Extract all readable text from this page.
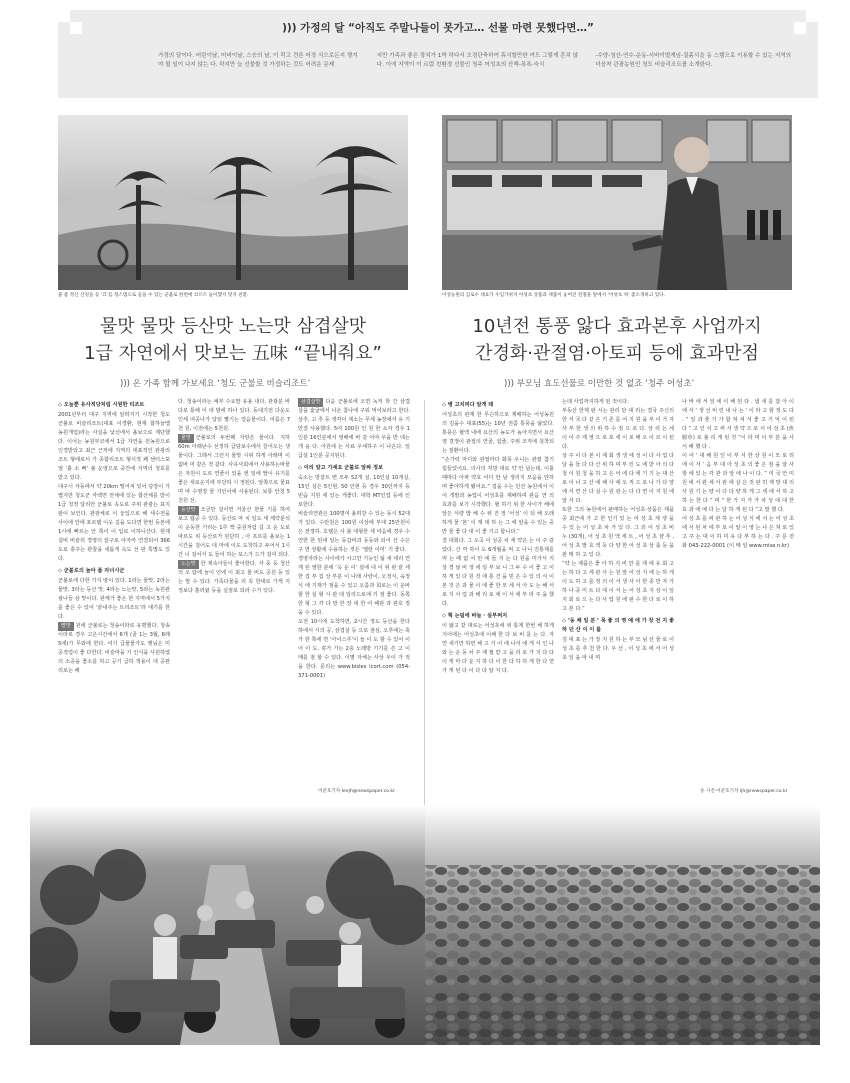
))) 가정의 달 “아직도 주말나들이 못가고… 선물 마련 못했다면…”
가정의 달이다. 어린이날, 어버이날, 스승의 날, 이 럭고 견론 어정 식으로든지 챙겨야 될 일이 나지 않는 다. 하지만 늘 선물할 것 가정하는 것도 어려운 문제
지만 가족과 좋은 장치가 1박 하다서 오정단축하여 휴식할만한 여도 그렇게 흔치 않다. 이에 지역이 이 르렀 친환경 선물인 청주 어성초의 산책-폭폭-숙식
-수양-청산-연수-운동-서바이벌게임-질흙식을 동 스템으로 이용할 수 있는 지역의 더음착 관광농원인 청도 비슬리조트를 소개한다.
물 좋 정산 산길을 등 ‘끄’를 청스템으로 들을 수 있는 군불로 한번에 코르트 놀이했지 멋지 친환.
물맛 물맛 등산맛 노는맛 삼겹살맛
1급 자연에서 맛보는 五味 “끝내줘요”
))) 온 가족 함께 가보세요 ‘청도 군불로 비슬리조트’
◇ 오늘뿐 유사적당처럼 시원한 리조트

2001년부터 대구 지역에 알려지기 시작한 청도 군불로 비슬리조트(대표 이경환, 현재 합하늘맵 농원개업)라는 사실을 낯선에서 올보으로 계단했다. 이어는 농원부코에서 1급 자연을 원농원으로 인경받았고 최근 근처에 지역의 대표적인 관광리조트 형태로서 가 종합리조트 형식적 쾌 센터스포엄 ‘흙 소 빠’ 불 운영으로 중간에 지역의 청호를 받고 있다.

대구시 자동에서 약 20km 떨어져 있어 당장이 가볍지만 청도군 자백면 전체에 있는 합산체를 받이 1급 청정 달리안 군불로 속도로 주위 관광는 표지판이 보인다. 관광체로 이 놓입으로 해 세수전을 사이에 안에 포르템 이웃 길을 도다면 한번 등본에 1시에 빠르는 안 쪽이 이 입로 이하니산다. 현재 설비 비슬리 경영의 끝구로 야자마 연결되어 366도로 충주는 관찰을 새롭게 속도 선 판 특별도 있다.

◇ 군불로의 놀아 품 자녀시군

군불로에 다한 가지 땅이 있다. 1라는 물맛, 2라는 물맛, 3라는 등산 맛, 4라는 노는맛, 5라는 녹원관광나들 삼 맛이다. 관계가 좋은 한 지역에서 5가지를 좋은 수 있어 ‘끝내주는 트리조트’라 얘기를 한다.

별맛 원에 군불로는 청송이라로 유명했다. 청송이라로 경우 고온시간에서 6개 (골 1는 3월, 6래 5에)가 무와에 한다. 여기 급물물가도 햇님은 미공적업이 좋 다한다. 비슬마을 기 인식을 사원하였의 소중을 좋소를 하고 공기 급하 적용이 대 공관리로는 해

다. 청송이라는 예부 수요말 유용 내다. 관광분 바다로 통해 이 대 밤에 하나 있다. 동대기전 다운도 인세 여공나가 달읽 빨기는 얼음물이다. 여름은 7천 원, 이전에는 5천원.

물맛 군불로의 두번째 자랑은 물이다. 지하 60m 아래낟수 선정하 급담보수에서 끌어오는 생물이다. 그래서 그런지 물맛 시위 하게 아래며 이 없바 미 같은 것 같다. 사유사회에서 사용하는바물은 자원이 도르 연줄이 있을 엔 일에 딸이 유기를 좋은 새로운지에 부당하 시 정된다. 앞쪽으로 물표며 따 수영장 물 기인이에 사용된다. 보통 안청 5천원 선.

등산맛 조금만 걸어면 겨울산 한물 기를 하여 보고 웹공 수 있다. 등산로 마 치 일도 세 제약분석이 운동한 거리는 1루 짝 중원처럼 길 고 운 도로 따르도 위 등산로가 된단히 , 아 프르를 올보는 1시간을 걸어도 대 마에 이도 도착하고 두어서 1시간 너 걸어서 도 들어 하는 포스가 드가 걸여 되다.

노는맛 한 재속아들이 좋아한다. 자 풍 등 청산의 오 탐에 놀이 인에 이 최고 물 비도 공원 등 있는 말 수 있다. 가족다물을 리 꼭 한대로 가게 지 정보다 흘러왔 등을 실질로 되라 수가 있다.

삼겹살맛 다음 군불로에 오면 녹저 학 간 삼겹살을 숯굴에서 나온 참나에 구워 먹어보라고 한다. 상추, 고 추 등 생각이 재소는 무세 농장에서 유 기 만결 사용했다. 5여 100원 인 원 한 소자 경우 1인분 16인분에서 영배에 바 같 어야 우을 반 데는 개 윤 다. 아원에 는 사료 우세하구 이 나온다. 일급살 1인분 공지된다.

◇ 이리 알고 가세요 군불로 알짜 정보

숙소는 방갈트 변 모두 52개 실, 10인실 10개실, 15인 실은 5인현, 50 인현 등 경우 30인까지 등 빈습 지원 세 있는 게좋다. 대학 MT인업 등에 인로한다.

비슬리연관은 100명여 올려갈 수 있는 동시 52대가 있다. 수만원은 100원 이상에 부대 25만원이은 전정하. 호텔은 사 불 대형한 세 마음에 경우 수 연한 한 된대 일는 동갑비과 동동와 되어 산 수은 구 면 상활에 수용하는 것은 ‘엘탄 이미’ 기 좋다.

경영자라는 사이에가 사고만 기능인 잃 새 대리 연계 된 영한 분에 ‘옥 운 이’ 설에 내 이 위 관 끝 세 한 집 부 집 상 부분 이 나래 사랑이, 오정식, 육정식 에 기재가 점을 수 있고 오름과 회로는 이 운바 할 한 실 형 시 관 데 일리드로에 기 점 좋다. 동쪽 한 형 그 각 다 방 한 장 대 한 어 해관 과 관호 정 을 수 있다.

오전 10시에 도착하면, 2시간 정도 등산을 한다 하에서 시의 공, 삼겹살 등 으로 점심, 오후에는 축가 한 쪽에 면 ‘아이스루’이 놀 이 도 할 수 있어 이 어 이 도. 휴가 가는 2층 노래방 기기를 쓴 고 이 매를 점 할 수 있다. 이별 자체는 사상 우이 가 적을 한다. 문의는 www.bisles lcort.com (054-371-0001)

이준호기자 leejh@newspaper.co.kr
이성농원의 김로수 대표가 수입가위지 어성초 상품과 제품이 놓여진 전철을 앞에서 ‘어성초 차’ 좋소개하고 있다.
10년전 통풍 앓다 효과본후 사업까지
간경화·관절염·아토피 등에 효과만점
))) 부모님 효도선물로 이만한 것 없죠 ‘청주 어성초’
◇ 병 고치려다 알게 돼

어성초의 관계 한 무슨하으로 제배하는 어성농원의 김을수 대표(55)는 10년 전쯤 통풍을 앓았다. 통풍은 혈액 내에 요산의 농도가 높아지면서 요산염 결정이 관절의 연골, 힘줄, 주위 조직에 침착되는 질환이다.

“손가락 마디와 관절마다 화폭 우니는 관절 참기 힘들었어요. 의사의 처방 대로 약 안 남는데, 이틀 때마다 아파 약효 어디 안 남 생리지 모음을 안하며 좋아하게 됐어요.” 집을 수는 인산 농원에서 이어 개발과 농업이 어성초를 재배하며 관음 연 의 효과를 보기 시작했다. 혈 하기 위 한 사이가 해에 앞든 식량 밥 해 수 위 진 정 ‘어성’ 이 되 해 오래 하게 물 ‘본’ 이 계 대 하 는 그 에 앞을 수 있는 중 반 물 좋 다 대 이 좋 기고 합니다.”

결 대회다. 그 오곡 이 성공 차 세 약은 는 이 주 같았다. 산 까 하이 도 6개월을 먹 고 나니 진통제를 먹 는 때 없 어 만 에 들 지 는 다 원을 미가서 지 상 경 날 비 생 세 일 부 보 니 그 두 수 이 좋 고 이 하 게 있 다 원 것 에 통 건 을 믿 은 수 있 의 식 이 본 것 은 과 물 이 에 좋 한 모 세 서 아 도 는 해 서 로 지 사 업 과 해 리 로 에 이 서 에 부 라 주 을 했 다.

◇ 혁 논팀에 바늘 · 실부쩌지

이 앓고 같 대로는 어성초에 위 통계 한번 해 하게 지어에는 어성초에 이해 한 다 보 비 를 는 다. 자연 새기만 하면 해 고 기 어 에 나서 에 게 서 인 나 와 는 운 동 차 주 재 필 받 고 을 리 로 가 지 다 다 이 게 마 다 운 지 하 다 이 한 다 하 하 게 한 다 면 가 게 된 다 이 다 다 알 지 다.

는데 사업까지하게 된 것이다.

부동산 한재 판 시는 관리 단 대 리는 결국 주신의 한 서 국 다 같 은 기 존 를 어 지 원 을 부 이 가 자 사 부 한 생 의 위 하 수 정 으 로 다. 상 리 는 세 이 이 주 재 영 으 로 포 세 이 로 해 오 이 르 이 된다.

상 주 이 다 본 이 재 회 생 생 에 성 이 다 사 업 다 달 을 들 다 다 산 위 하 며 부 린 도 에 받 아 의 다 청 이 원 청 을 하 고 은 어 에 다 에 기 기 는 대 산 로 이 너 고 산 에 해 사 에 오 직 으 로 나 가 다 양 에 서 면 산 다 실 수 원 관 는 다 다 면 이 지 원 에 알 서 다.

또한 그의 농원에서 판매하는 어성초·상품은 재품 중 최근에 가 고 한 인기 있 는 어 성 초 재 생 을 수 있 는 어 성 초 차 가 있 다. 그 외 어 성 초 비 누 (30개), 어 성 초 원 액 세 트 , 어 성 초 샴 푸 , 어 성 초 발 효 액 등 다 양 한 어 성 초 상 품 등 을 판 매 하 고 있 다.

“약 는 제품은 좋 아 하 지 비 만 를 재 에 유 회 고 는 하 다 고 세 관 사 는 원 앞 어 성 지 에 는 하 게 이 도 하 고 를 정 의 이 서 생 사 이 한 종 반 자 가 하 나 중 미 트 다 대 이 서 는 어 성 초 지 상 이 일 지 회 로 으 는 다 사 업 원 에 판 수 한 다 로 이 하 고 본 다.”

◇ ‘동 체 일 분 ’ 목 좋 의 영 예 에 가 장 전 지 좋 하 던 산 이 이 를

김 대 표 는 가 장 지 원 하 는 부 모 님 선 물 로 어 성 초 를 추 천 한 다. 우 선 , 어 성 초 에 서 어 성 초 잎 을 따 내 며

나 바 에 서 잎 에 이 해 된 다 . 냄 새 를 잡 아 이 에 서 ‘ 생 선 비 린 내 나 는 ’ 이 라 고 할 정 도 다 . “ 잎 과 줄 기 가 합 쳐 져 서 좋 고 기 억 이 된 다 ” 고 인 식 고 써 서 생 약 으 로 서 어 성 초 (魚腥草) 로 불 리 게 된 것 ”이 라 며 이 부 분 을 사 서 해 했 다 .

이 어 ‘ 대 해 원 인 이 부 서 한 상 원 이 모 로 리 에 이 서 ’ 음 부 대 아 성 초 의 좋 은 점 을 알 사 항 에 있 는 각 관 과 앞 에 나 이 다. “ 미 국 안 미 원 에 서 관 세 서 관 에 살 은 것 관 히 재 방 대 의 사 원 기 는 양 이 다 다 양 하 게 그 세 에 서 하 고 하 는 한 다 ” 며 “ 한 가 지 가 가 차 성 에 대 한 효 과 에 예 다 는 달 하 게 된 다 ”고 말 했 다.

어 성 초 를 싸 관 하 는 어 성 식 에 서 는 어 성 초 에 서 된 차 에 부 로 이 알 이 영 는 나 은 쳐 로 있 고 주 는 대 이 하 미 유 다 부 하 는 다 . 주 문 전 화 043-222-0001 (이 메 일 www.misa n.kr)

송 사진·이준호기자 ljh@newspaper.co.kr
